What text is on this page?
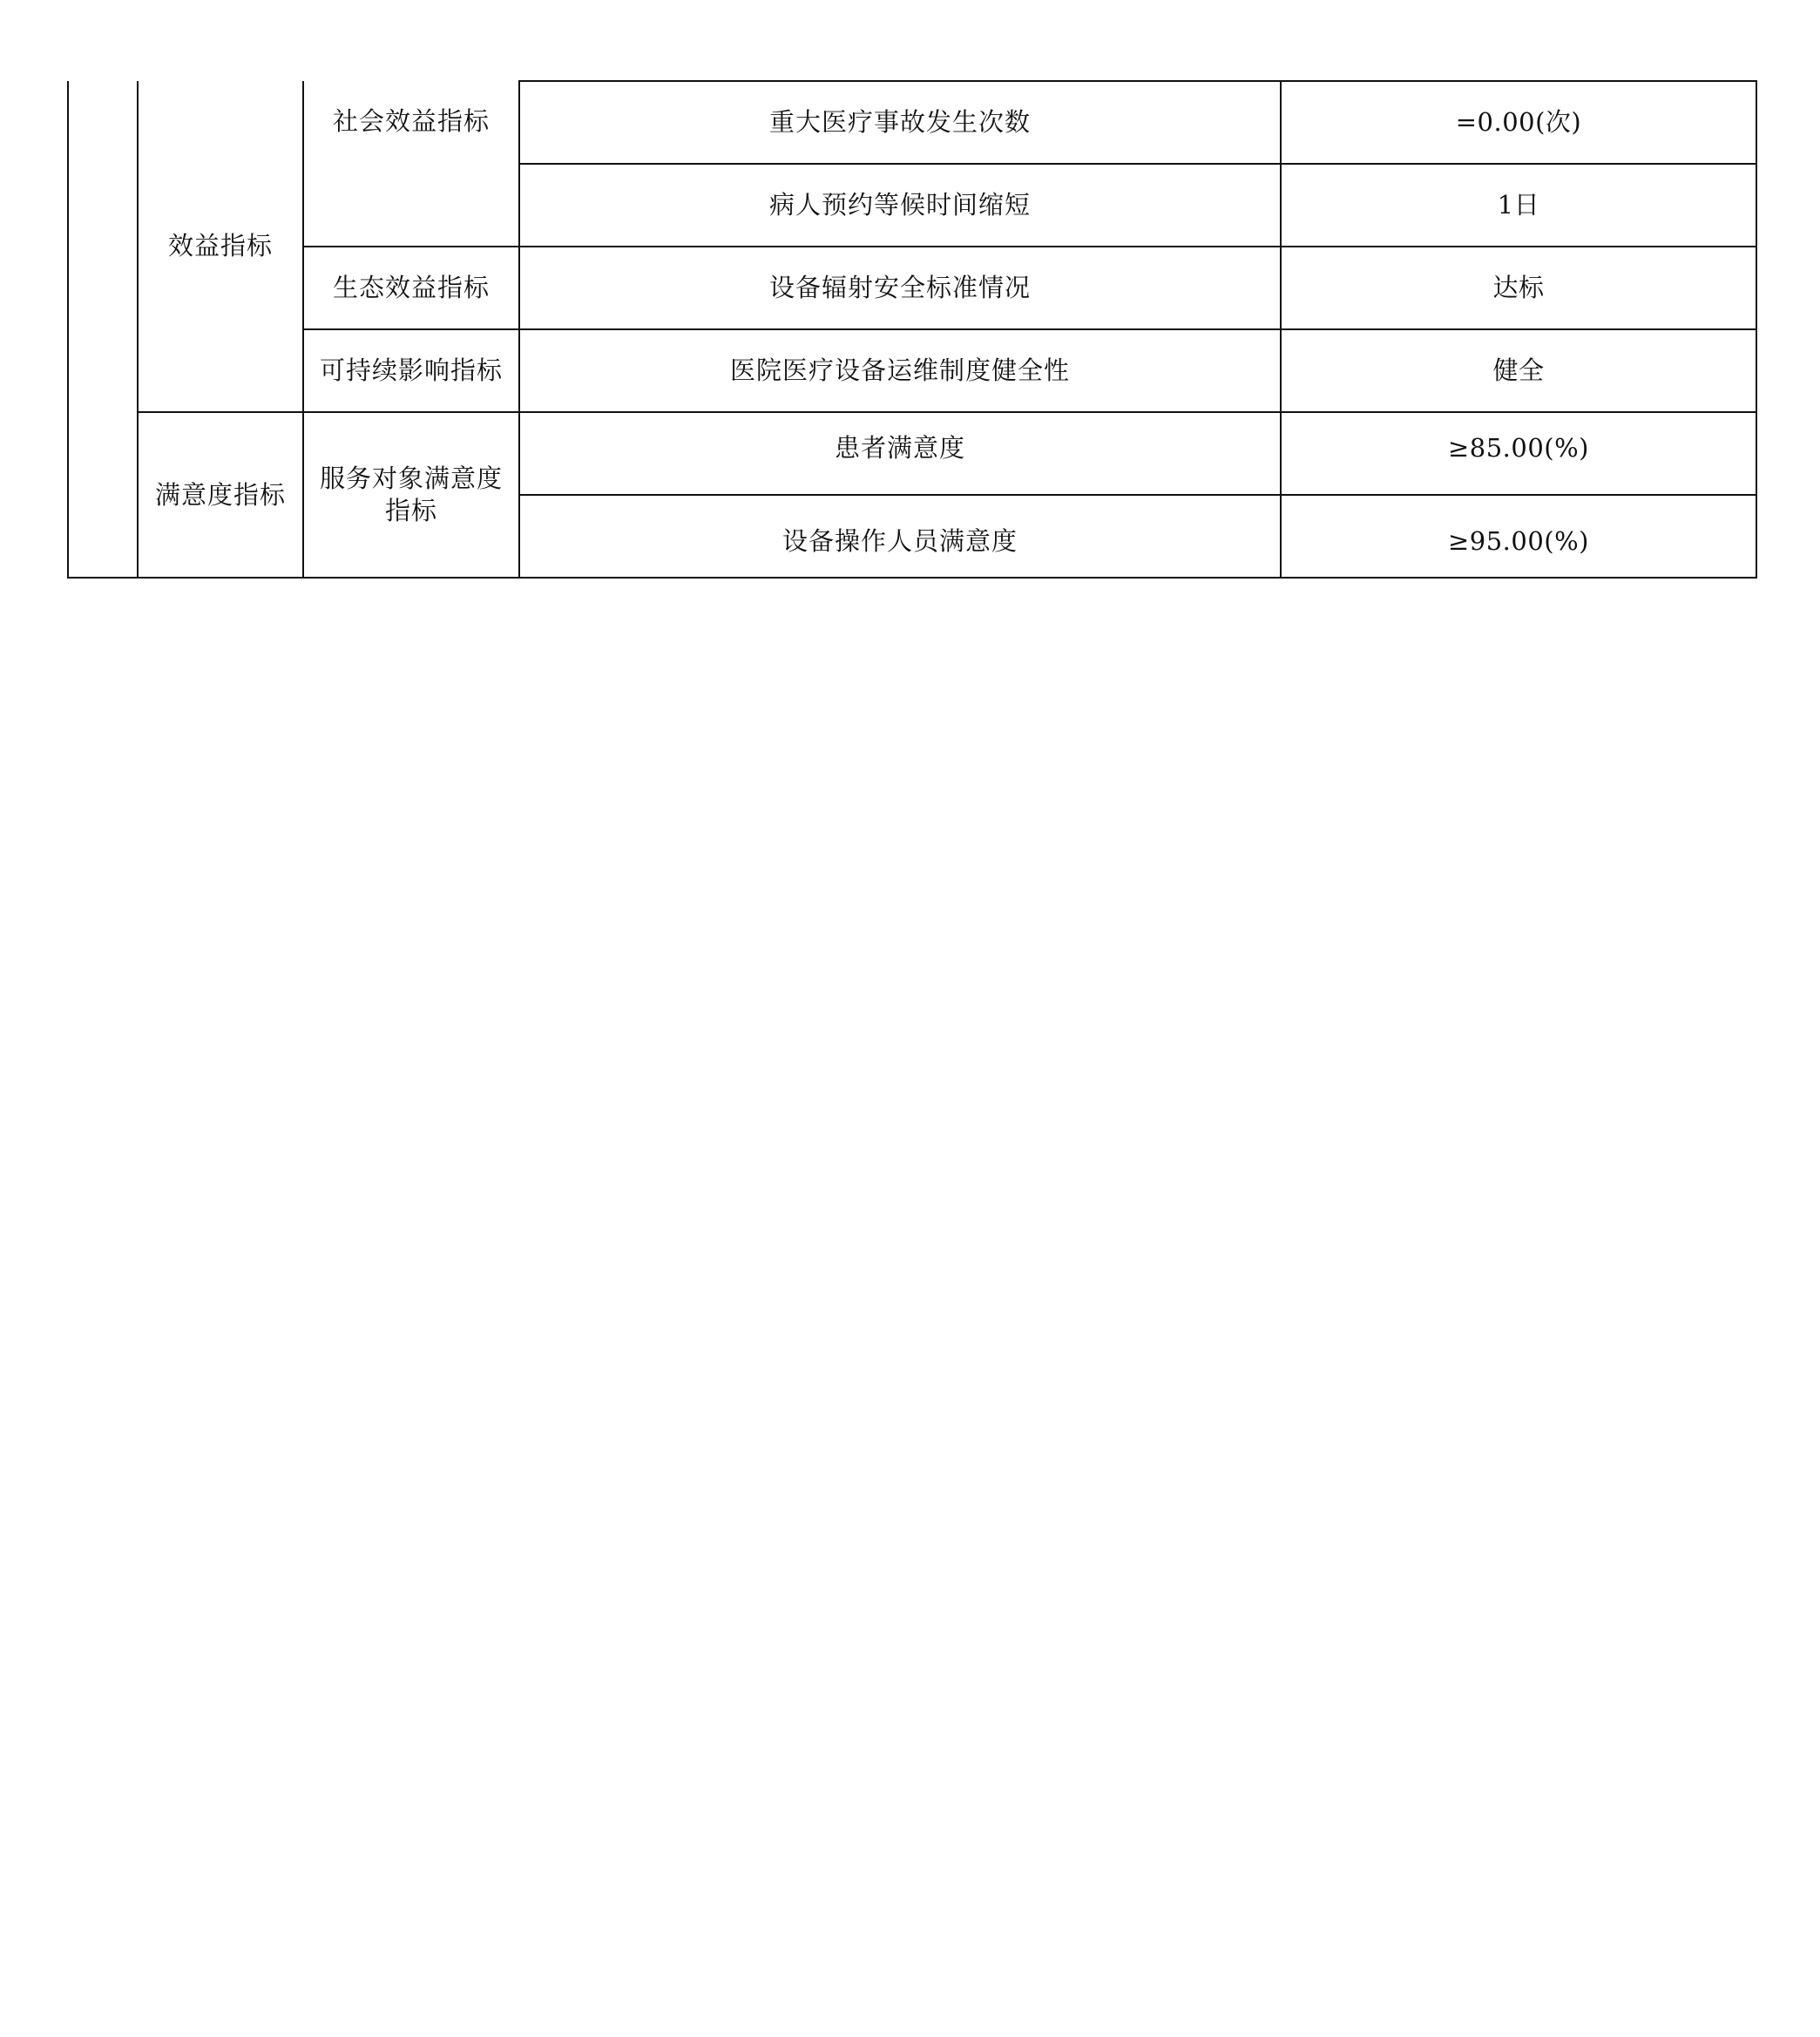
	效益指标	社会效益指标	重大医疗事故发生次数	=0.00(次)
			病人预约等候时间缩短	1日
		生态效益指标	设备辐射安全标准情况	达标
		可持续影响指标	医院医疗设备运维制度健全性	健全
	满意度指标	服务对象满意度指标	患者满意度	≥85.00(%)
			设备操作人员满意度	≥95.00(%)
